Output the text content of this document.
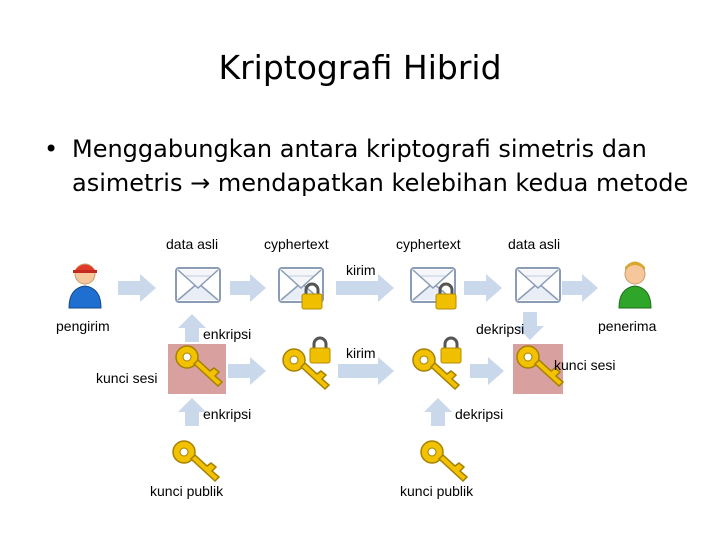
Kriptografi Hibrid
• Menggabungkan antara kriptografi simetris dan
asimetris → mendapatkan kelebihan kedua metode
data asli	cyphertext	cyphertext	data asli
kirim
pengirim	enkripsi
kirim
dekripsi	penerima
kunci sesi
kunci sesi
enkripsi	dekripsi
kunci publik	kunci publik
